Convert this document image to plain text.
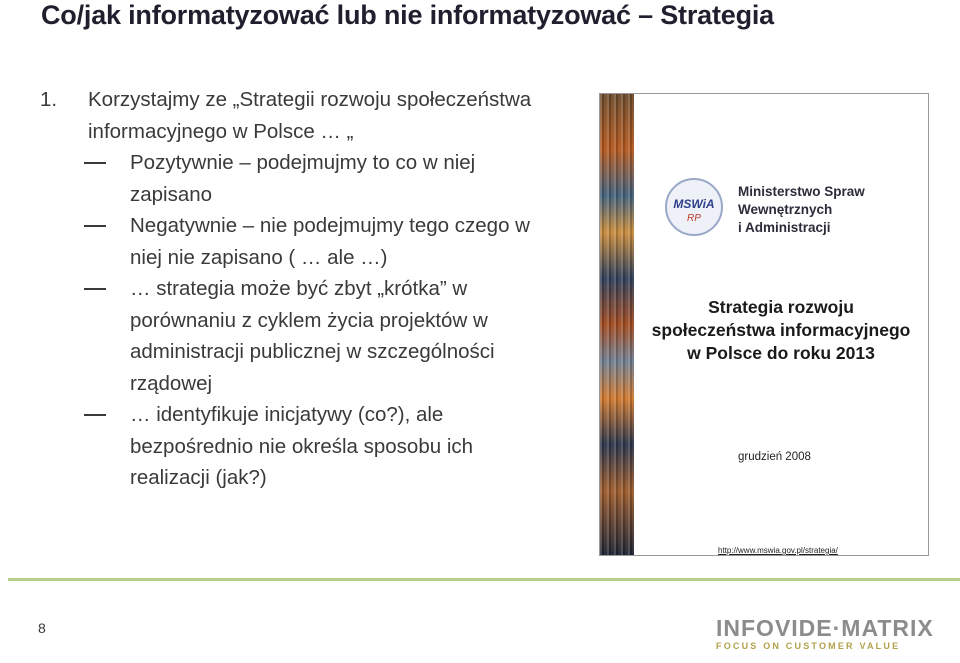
Co/jak informatyzować lub nie informatyzować – Strategia
1.	Korzystajmy ze „Strategii rozwoju społeczeństwa informacyjnego w Polsce … „
Pozytywnie – podejmujmy to co w niej zapisano
Negatywnie – nie podejmujmy tego czego w niej nie zapisano ( … ale …)
… strategia może być zbyt „krótka” w porównaniu z cyklem życia projektów w administracji publicznej w szczególności rządowej
… identyfikuje inicjatywy (co?), ale bezpośrednio nie określa sposobu ich realizacji (jak?)
MSWiA
RP
Ministerstwo Spraw
Wewnętrznych
i Administracji
Strategia rozwoju
społeczeństwa informacyjnego
w Polsce do roku 2013
grudzień 2008
http://www.mswia.gov.pl/strategia/
8	INFOVIDE·MATRIX
FOCUS ON CUSTOMER VALUE
